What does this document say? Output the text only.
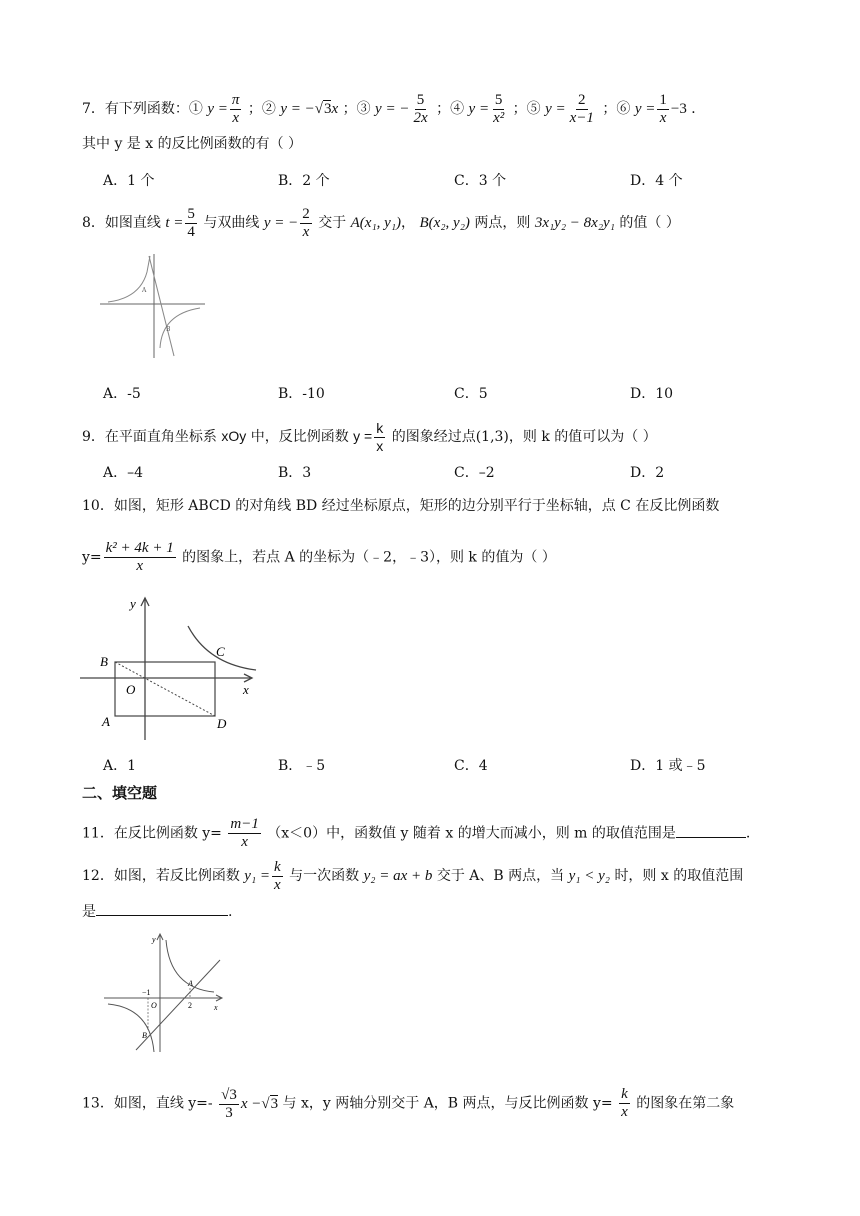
7．有下列函数：① $y = \frac{\pi}{x}$ ；② y = −√3x ；③ y = − $\frac{5}{2x}$ ；④ $y = \frac{5}{\text{x²}}$ ；⑤ $y = \frac{2}{x-1}$ ；⑥ $y = \frac{1}{x} -3$ ．
其中 y 是 x 的反比例函数的有（ ）
A．1 个	B．2 个	C．3 个	D．4 个
8．如图直线 $t = \frac{5}{4}$ 与双曲线 y = − $\frac{2}{x}$ 交于 A(x₁, y₁)， B(x₂, y₂) 两点，则 3x₁y₂ − 8x₂y₁ 的值（ ）
A
B
A．-5	B．-10	C．5	D．10
9．在平面直角坐标系 xOy 中，反比例函数 $y = \frac{k}{x}$ 的图象经过点(1,3)，则 k 的值可以为（ ）
A．–4	B．3	C．–2	D．2
10．如图，矩形 ABCD 的对角线 BD 经过坐标原点，矩形的边分别平行于坐标轴，点 C 在反比例函数
$y= \frac{\text{k² + 4k + 1}}{x}$ 的图象上，若点 A 的坐标为（﹣2，﹣3），则 k 的值为（ ）
y
x
B
C
O
A	D
A．1	B．﹣5	C．4	D．1 或﹣5
二、填空题
11．在反比例函数 $y= \frac{m-1}{x} (x<0)$中，函数值 y 随着 x 的增大而减小，则 m 的取值范围是	.
12．如图，若反比例函数 $y_1 = \frac{k}{x}$ 与一次函数 y₂ = ax + b 交于 A、B 两点，当 y₁ < y₂ 时，则 x 的取值范围
是	.
y
x
−1
O	2
A
B
13．如图，直线 $y=- \frac{√3}{3}$ x −√3 与 x，y 两轴分别交于 A，B 两点，与反比例函数 $y= \frac{k}{x}$ 的图象在第二象
